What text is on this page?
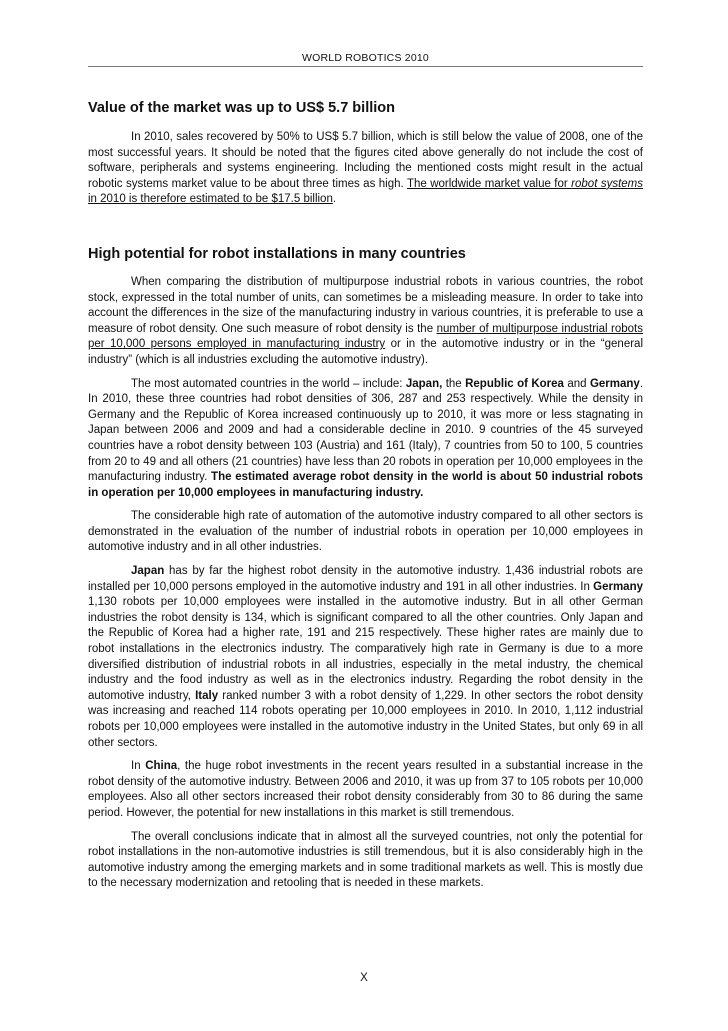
WORLD ROBOTICS 2010
Value of the market was up to US$ 5.7 billion

In 2010, sales recovered by 50% to US$ 5.7 billion, which is still below the value of 2008, one of the most successful years. It should be noted that the figures cited above generally do not include the cost of software, peripherals and systems engineering. Including the mentioned costs might result in the actual robotic systems market value to be about three times as high. The worldwide market value for robot systems in 2010 is therefore estimated to be $17.5 billion.

High potential for robot installations in many countries

When comparing the distribution of multipurpose industrial robots in various countries, the robot stock, expressed in the total number of units, can sometimes be a misleading measure. In order to take into account the differences in the size of the manufacturing industry in various countries, it is preferable to use a measure of robot density. One such measure of robot density is the number of multipurpose industrial robots per 10,000 persons employed in manufacturing industry or in the automotive industry or in the “general industry” (which is all industries excluding the automotive industry).

The most automated countries in the world – include: Japan, the Republic of Korea and Germany. In 2010, these three countries had robot densities of 306, 287 and 253 respectively. While the density in Germany and the Republic of Korea increased continuously up to 2010, it was more or less stagnating in Japan between 2006 and 2009 and had a considerable decline in 2010. 9 countries of the 45 surveyed countries have a robot density between 103 (Austria) and 161 (Italy), 7 countries from 50 to 100, 5 countries from 20 to 49 and all others (21 countries) have less than 20 robots in operation per 10,000 employees in the manufacturing industry. The estimated average robot density in the world is about 50 industrial robots in operation per 10,000 employees in manufacturing industry.

The considerable high rate of automation of the automotive industry compared to all other sectors is demonstrated in the evaluation of the number of industrial robots in operation per 10,000 employees in automotive industry and in all other industries.

Japan has by far the highest robot density in the automotive industry. 1,436 industrial robots are installed per 10,000 persons employed in the automotive industry and 191 in all other industries. In Germany 1,130 robots per 10,000 employees were installed in the automotive industry. But in all other German industries the robot density is 134, which is significant compared to all the other countries. Only Japan and the Republic of Korea had a higher rate, 191 and 215 respectively. These higher rates are mainly due to robot installations in the electronics industry. The comparatively high rate in Germany is due to a more diversified distribution of industrial robots in all industries, especially in the metal industry, the chemical industry and the food industry as well as in the electronics industry. Regarding the robot density in the automotive industry, Italy ranked number 3 with a robot density of 1,229. In other sectors the robot density was increasing and reached 114 robots operating per 10,000 employees in 2010. In 2010, 1,112 industrial robots per 10,000 employees were installed in the automotive industry in the United States, but only 69 in all other sectors.

In China, the huge robot investments in the recent years resulted in a substantial increase in the robot density of the automotive industry. Between 2006 and 2010, it was up from 37 to 105 robots per 10,000 employees. Also all other sectors increased their robot density considerably from 30 to 86 during the same period. However, the potential for new installations in this market is still tremendous.

The overall conclusions indicate that in almost all the surveyed countries, not only the potential for robot installations in the non-automotive industries is still tremendous, but it is also considerably high in the automotive industry among the emerging markets and in some traditional markets as well. This is mostly due to the necessary modernization and retooling that is needed in these markets.

X
